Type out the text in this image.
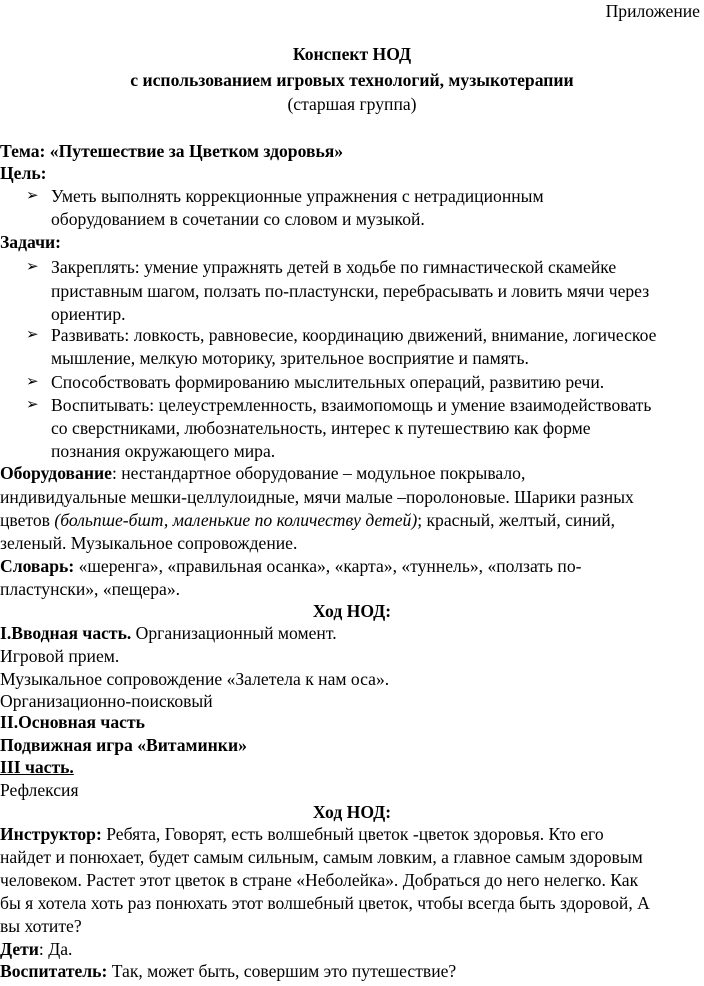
Приложение
Конспект НОД
с использованием игровых технологий, музыкотерапии
(старшая группа)
Тема: «Путешествие за Цветком здоровья»
Цель:
➢ Уметь выполнять коррекционные упражнения с нетрадиционным
оборудованием в сочетании со словом и музыкой.
Задачи:
➢ Закреплять: умение упражнять детей в ходьбе по гимнастической скамейке
приставным шагом, ползать по-пластунски, перебрасывать и ловить мячи через
ориентир.
➢ Развивать: ловкость, равновесие, координацию движений, внимание, логическое
мышление, мелкую моторику, зрительное восприятие и память.
➢ Способствовать формированию мыслительных операций, развитию речи.
➢ Воспитывать: целеустремленность, взаимопомощь и умение взаимодействовать
со сверстниками, любознательность, интерес к путешествию как форме
познания окружающего мира.
Оборудование: нестандартное оборудование – модульное покрывало,
индивидуальные мешки-целлулоидные, мячи малые –поролоновые. Шарики разных
цветов (больпше-бшт, маленькие по количеству детей); красный, желтый, синий,
зеленый. Музыкальное сопровождение.
Словарь: «шеренга», «правильная осанка», «карта», «туннель», «ползать по-
пластунски», «пещера».
Ход НОД:
I.Вводная часть. Организационный момент.
Игровой прием.
Музыкальное сопровождение «Залетела к нам оса».
Организационно-поисковый
II.Основная часть
Подвижная игра «Витаминки»
III часть.
Рефлексия
Ход НОД:
Инструктор: Ребята, Говорят, есть волшебный цветок -цветок здоровья. Кто его
найдет и понюхает, будет самым сильным, самым ловким, а главное самым здоровым
человеком. Растет этот цветок в стране «Неболейка». Добраться до него нелегко. Как
бы я хотела хоть раз понюхать этот волшебный цветок, чтобы всегда быть здоровой, А
вы хотите?
Дети: Да.
Воспитатель: Так, может быть, совершим это путешествие?
